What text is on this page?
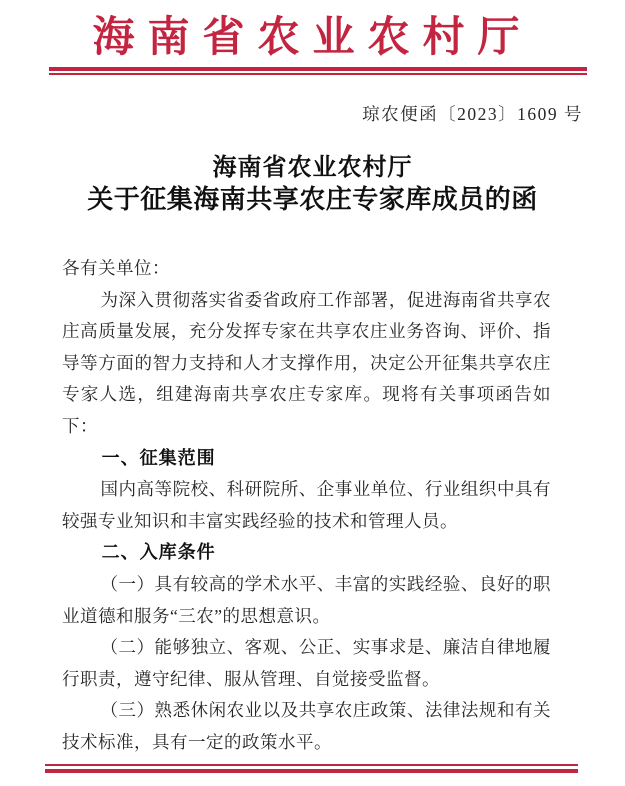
海南省农业农村厅
琼农便函〔2023〕1609 号
海南省农业农村厅
关于征集海南共享农庄专家库成员的函

各有关单位：

为深入贯彻落实省委省政府工作部署，促进海南省共享农庄高质量发展，充分发挥专家在共享农庄业务咨询、评价、指导等方面的智力支持和人才支撑作用，决定公开征集共享农庄专家人选，组建海南共享农庄专家库。现将有关事项函告如下：

一、征集范围

国内高等院校、科研院所、企事业单位、行业组织中具有较强专业知识和丰富实践经验的技术和管理人员。

二、入库条件

（一）具有较高的学术水平、丰富的实践经验、良好的职业道德和服务“三农”的思想意识。

（二）能够独立、客观、公正、实事求是、廉洁自律地履行职责，遵守纪律、服从管理、自觉接受监督。

（三）熟悉休闲农业以及共享农庄政策、法律法规和有关技术标准，具有一定的政策水平。
